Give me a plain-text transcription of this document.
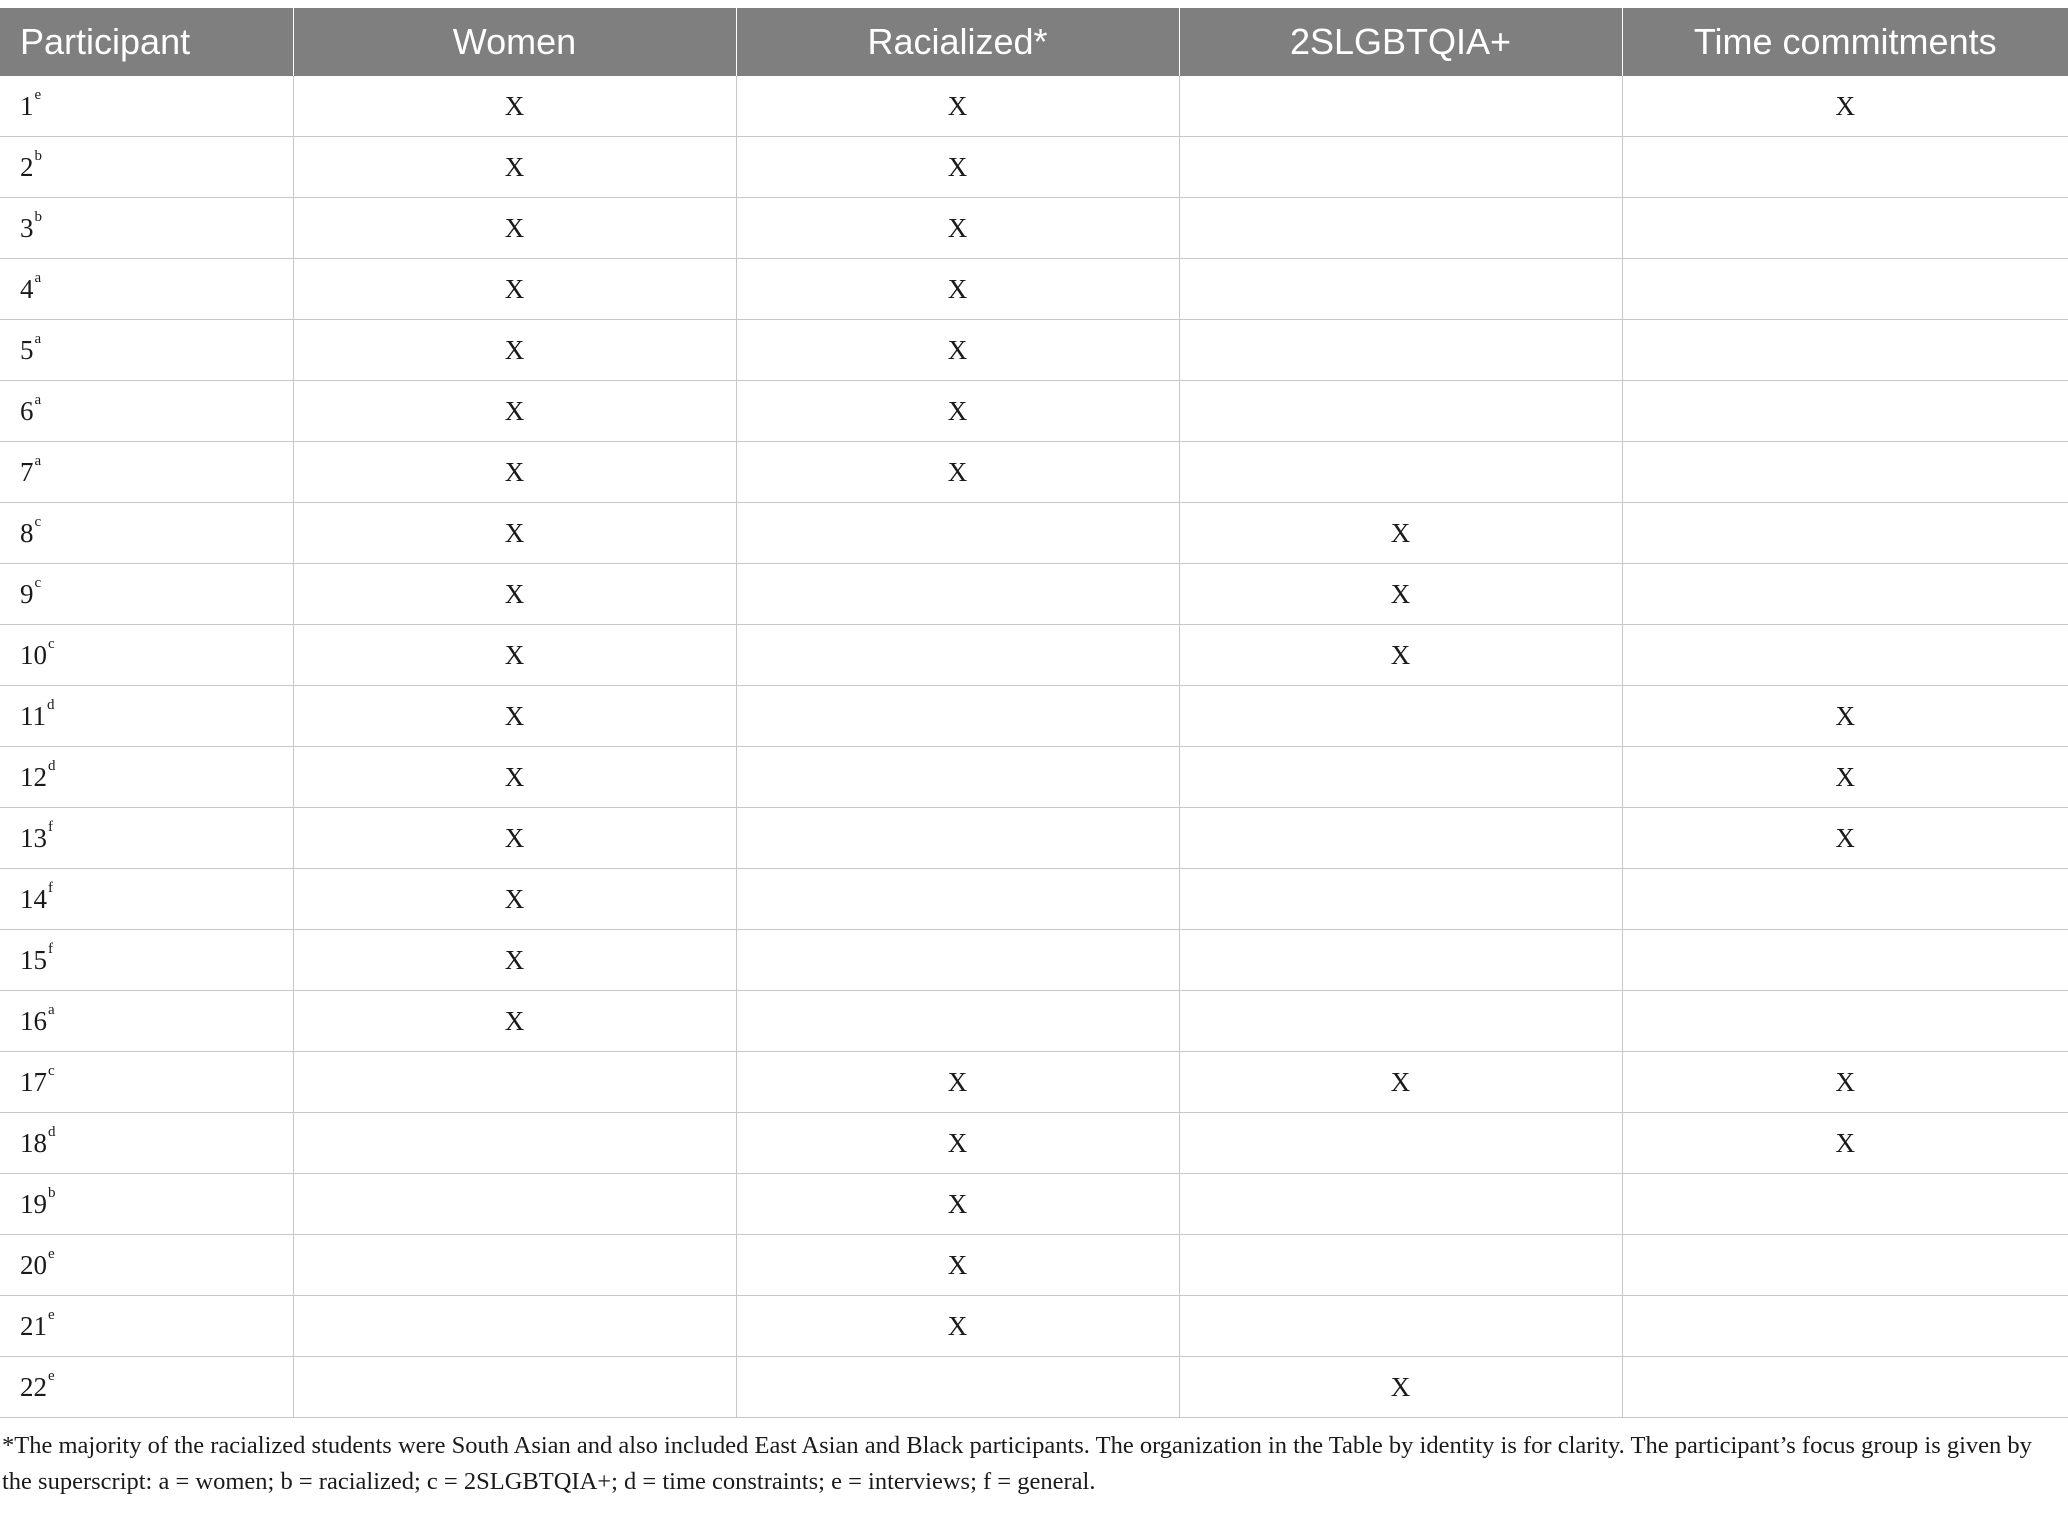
Participant	Women	Racialized*	2SLGBTQIA+	Time commitments
1e	X	X		X
2$^b$	X	X		
3$^b$	X	X		
4$^a$	X	X		
5$^a$	X	X		
6$^a$	X	X		
7$^a$	X	X		
8$^c$	X		X	
9$^c$	X		X	
10$^c$	X		X	
11$^d$	X			X
12$^d$	X			X
13$^f$	X			X
14$^f$	X			
15$^f$	X			
16$^a$	X			
17$^c$		X	X	X
18$^d$		X		X
19$^b$		X		
20e		X		
21e		X		
22e			X	

*The majority of the racialized students were South Asian and also included East Asian and Black participants. The organization in the Table by identity is for clarity. The participant’s focus group is given by the superscript: a = women; b = racialized; c = 2SLGBTQIA+; d = time constraints; e = interviews; f = general.
